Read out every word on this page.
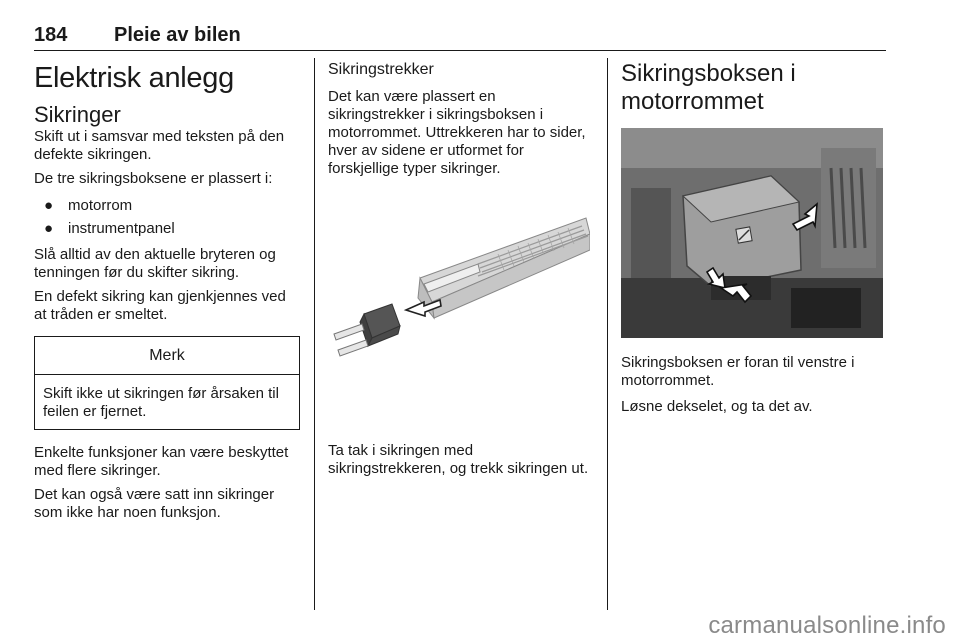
184 Pleie av bilen
Elektrisk anlegg
Sikringer

Skift ut i samsvar med teksten på den defekte sikringen.

De tre sikringsboksene er plassert i:

● motorrom
● instrumentpanel

Slå alltid av den aktuelle bryteren og tenningen før du skifter sikring.

En defekt sikring kan gjenkjennes ved at tråden er smeltet.

Merk
Skift ikke ut sikringen før årsaken til feilen er fjernet.

Enkelte funksjoner kan være beskyttet med flere sikringer.

Det kan også være satt inn sikringer som ikke har noen funksjon.

Sikringstrekker

Det kan være plassert en sikringstrekker i sikringsboksen i motorrommet. Uttrekkeren har to sider, hver av sidene er utformet for forskjellige typer sikringer.

Ta tak i sikringen med sikringstrekkeren, og trekk sikringen ut.

Sikringsboksen i motorrommet

Sikringsboksen er foran til venstre i motorrommet.

Løsne dekselet, og ta det av.

carmanualsonline.info
